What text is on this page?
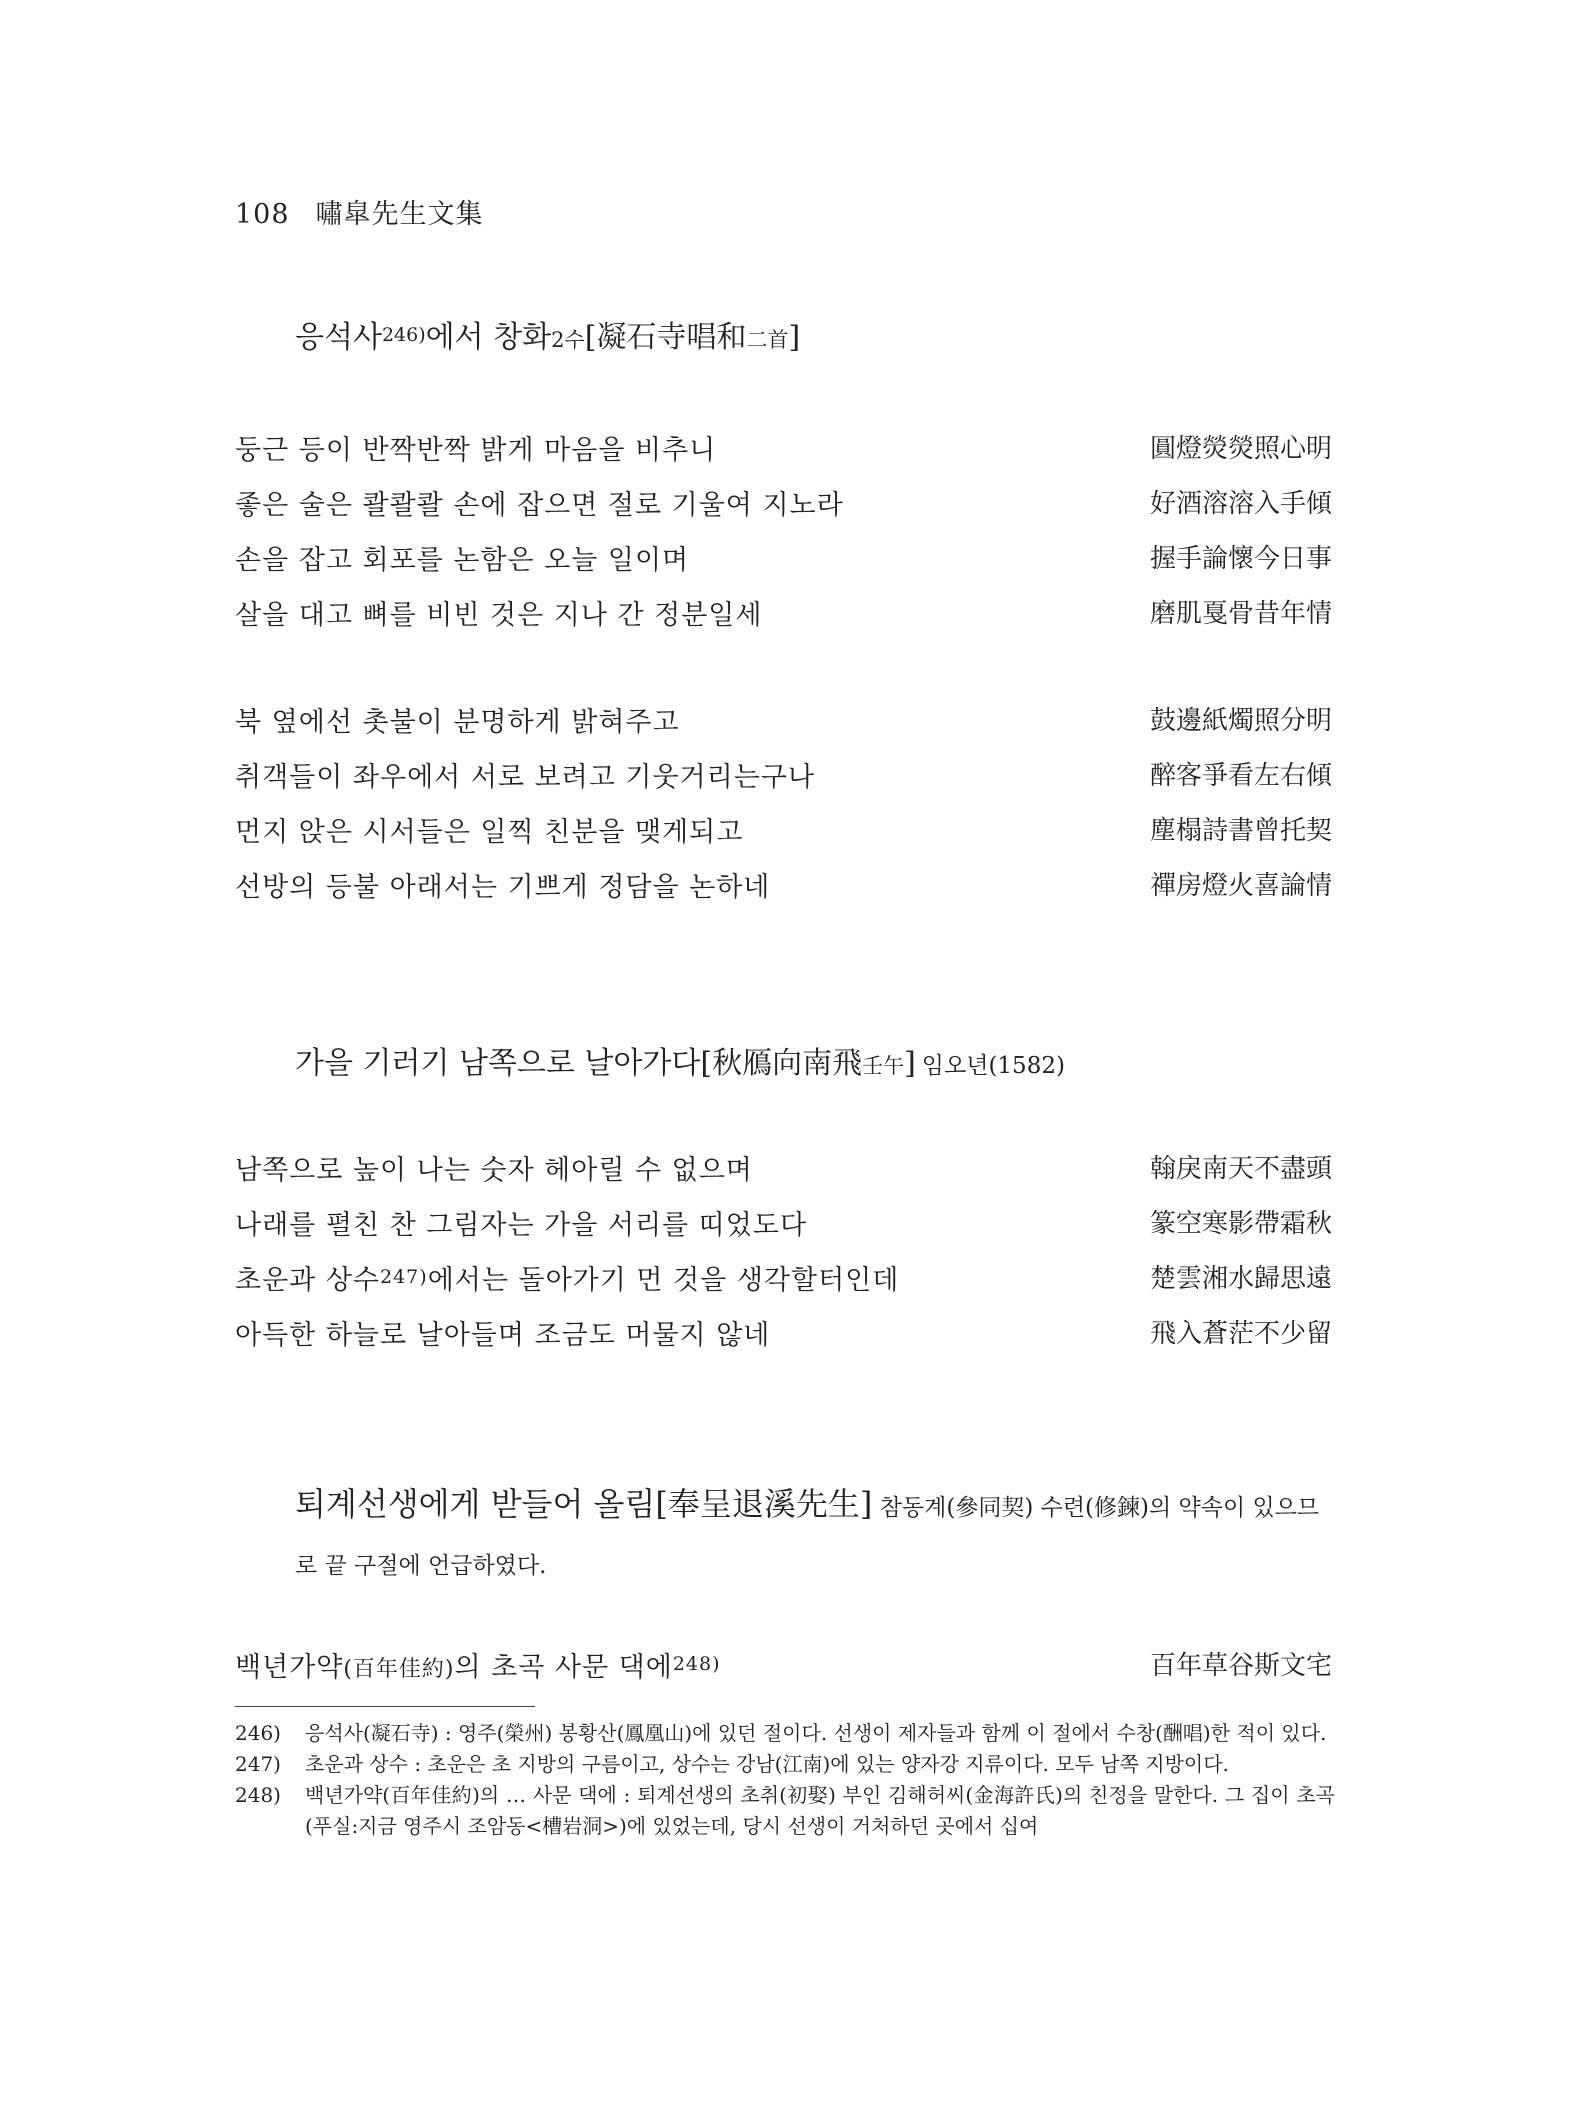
108 嘯皐先生文集
응석사$^{246)}$에서 창화2수[凝石寺唱和二首]
둥근 등이 반짝반짝 밝게 마음을 비추니	圓燈熒熒照心明
좋은 술은 콸콸콸 손에 잡으면 절로 기울여 지노라	好酒溶溶入手傾
손을 잡고 회포를 논함은 오늘 일이며	握手論懷今日事
살을 대고 뼈를 비빈 것은 지나 간 정분일세	磨肌戛骨昔年情
북 옆에선 촛불이 분명하게 밝혀주고	鼓邊紙燭照分明
취객들이 좌우에서 서로 보려고 기웃거리는구나	醉客爭看左右傾
먼지 앉은 시서들은 일찍 친분을 맺게되고	塵榻詩書曾托契
선방의 등불 아래서는 기쁘게 정담을 논하네	禪房燈火喜論情
가을 기러기 남쪽으로 날아가다[秋鴈向南飛壬午] 임오년(1582)
남쪽으로 높이 나는 숫자 헤아릴 수 없으며	翰戾南天不盡頭
나래를 펼친 찬 그림자는 가을 서리를 띠었도다	篆空寒影帶霜秋
초운과 상수$^{247)}$에서는 돌아가기 먼 것을 생각할터인데	楚雲湘水歸思遠
아득한 하늘로 날아들며 조금도 머물지 않네	飛入蒼茫不少留
퇴계선생에게 받들어 올림[奉呈退溪先生] 참동계(參同契) 수련(修鍊)의 약속이 있으므로 끝 구절에 언급하였다.
백년가약(百年佳約)의 초곡 사문 댁에$^{248)}$	百年草谷斯文宅
246)	응석사(凝石寺) : 영주(榮州) 봉황산(鳳凰山)에 있던 절이다. 선생이 제자들과 함께 이 절에서 수창(酬唱)한 적이 있다.
247)	초운과 상수 : 초운은 초 지방의 구름이고, 상수는 강남(江南)에 있는 양자강 지류이다. 모두 남쪽 지방이다.
248)	백년가약(百年佳約)의 … 사문 댁에 : 퇴계선생의 초취(初娶) 부인 김해허씨(金海許氏)의 친정을 말한다. 그 집이 초곡(푸실:지금 영주시 조암동<槽岩洞>)에 있었는데, 당시 선생이 거처하던 곳에서 십여
